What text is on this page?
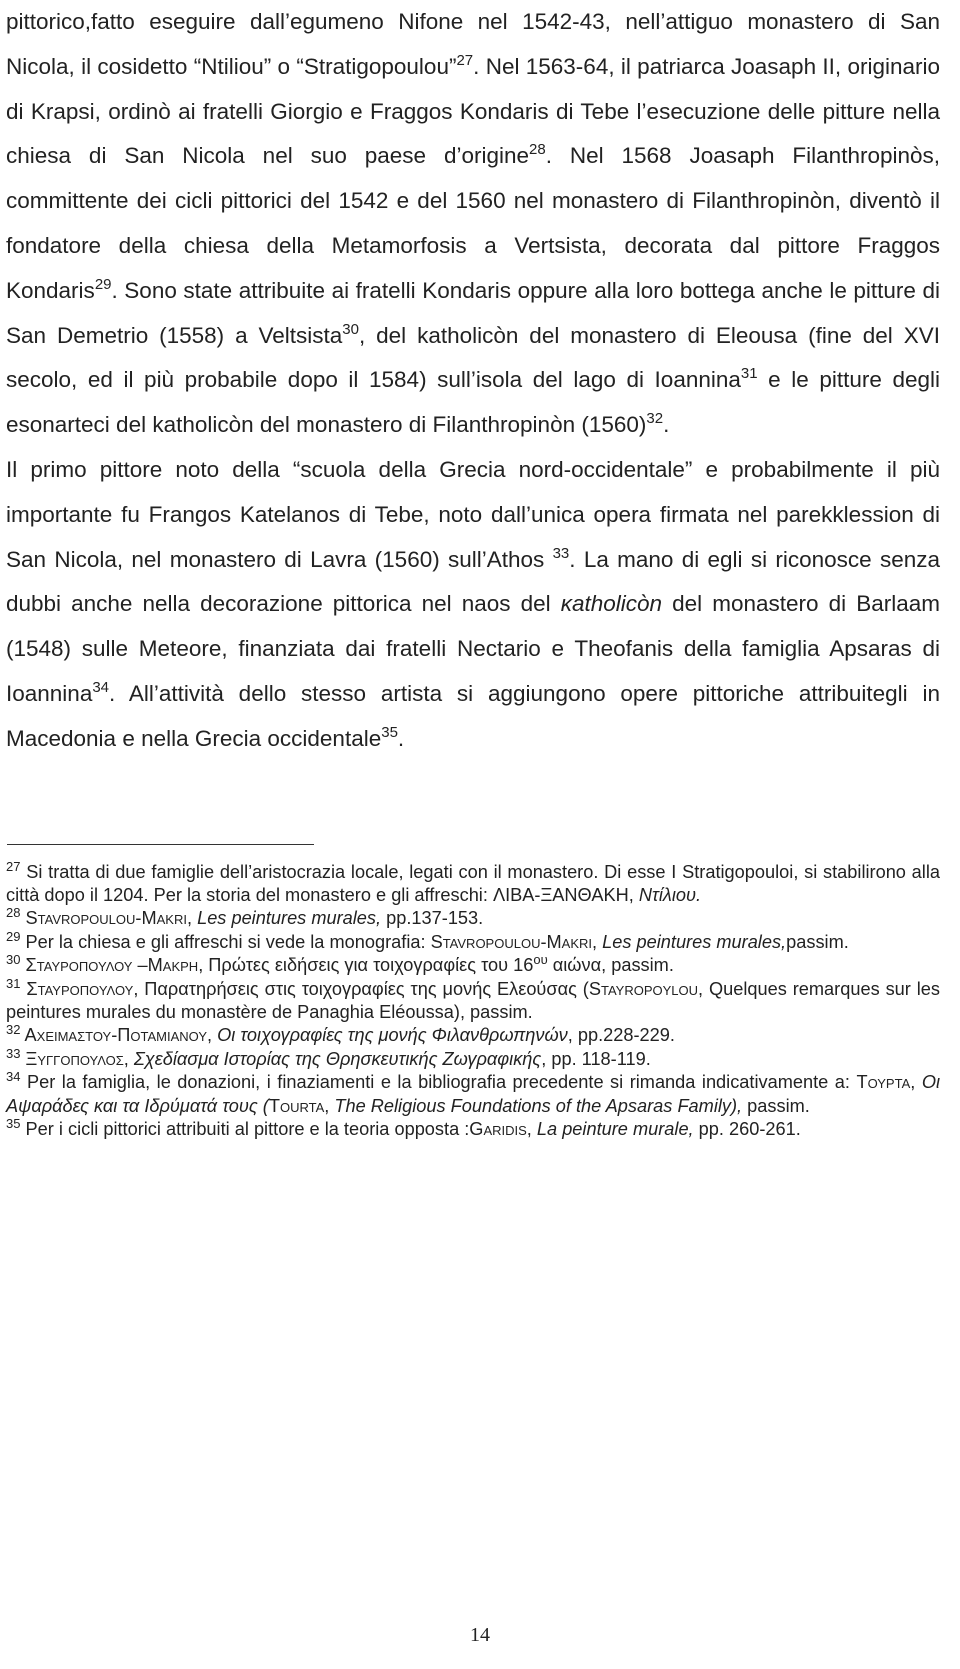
pittorico,fatto eseguire dall’egumeno Nifone nel 1542-43, nell’attiguo monastero di San Nicola, il cosidetto “Ntiliou” o “Stratigopoulou”$^{27}$. Nel 1563-64, il patriarca Joasaph II, originario di Krapsi, ordinò ai fratelli Giorgio e Fraggos Kondaris di Tebe l’esecuzione delle pitture nella chiesa di San Nicola nel suo paese d’origine$^{28}$. Nel 1568 Joasaph Filanthropinòs, committente dei cicli pittorici del 1542 e del 1560 nel monastero di Filanthropinòn, diventò il fondatore della chiesa della Metamorfosis a Vertsista, decorata dal pittore Fraggos Kondaris$^{29}$. Sono state attribuite ai fratelli Kondaris oppure alla loro bottega anche le pitture di San Demetrio (1558) a Veltsista$^{30}$, del katholicòn del monastero di Eleousa (fine del XVI secolo, ed il più probabile dopo il 1584) sull’isola del lago di Ioannina$^{31}$ e le pitture degli esonarteci del katholicòn del monastero di Filanthropinòn $(1560)^{32}$.

Il primo pittore noto della “scuola della Grecia nord-occidentale” e probabilmente il più importante fu Frangos Katelanos di Tebe, noto dall’unica opera firmata nel parekklession di San Nicola, nel monastero di Lavra (1560) sull’Athos $^{33}$. La mano di egli si riconosce senza dubbi anche nella decorazione pittorica nel naos del κatholicòn del monastero di Barlaam (1548) sulle Meteore, finanziata dai fratelli Nectario e Theofanis della famiglia Apsaras di Ioannina$^{34}$. All’attività dello stesso artista si aggiungono opere pittoriche attribuitegli in Macedonia e nella Grecia occidentale$^{35}$.

$^{27}$ Si tratta di due famiglie dell’aristocrazia locale, legati con il monastero. Di esse I Stratigopouloi, si stabilirono alla città dopo il 1204. Per la storia del monastero e gli affreschi: ΛΙΒΑ-ΞΑΝΘΑΚΗ, Ντίλιου.

$^{28}$ Stavropoulou-Makri, Les peintures murales, pp.137-153.

$^{29}$ Per la chiesa e gli affreschi si vede la monografia: Stavropoulou-Makri, Les peintures murales,passim.

$^{30}$ Σταυροπουλου –Μακρη, Πρώτες ειδήσεις για τοιχογραφίες του $16^{o\upsilon}$ αιώνα, passim.

$^{31}$ Σταυροπουλου, Παρατηρήσεις στις τοιχογραφίες της μονής Ελεούσας (Stayropoylou, Quelques remarques sur les peintures murales du monastère de Panaghia Eléoussa), passim.

$^{32}$ Αχειμαστου-Ποταμιανου, Οι τοιχογραφίες της μονής Φιλανθρωπηνών, pp.228-229.

$^{33}$ Ξυγγοπουλος, Σχεδίασμα Ιστορίας της Θρησκευτικής Ζωγραφικής, pp. 118-119.

$^{34}$ Per la famiglia, le donazioni, i finaziamenti e la bibliografia precedente si rimanda indicativamente a: Τουρτα, Οι Αψαράδες και τα Ιδρύματά τους (Tourta, The Religious Foundations of the Apsaras Family), passim.

$^{35}$ Per i cicli pittorici attribuiti al pittore e la teoria opposta :Garidis, La peinture murale, pp. 260-261.

14
